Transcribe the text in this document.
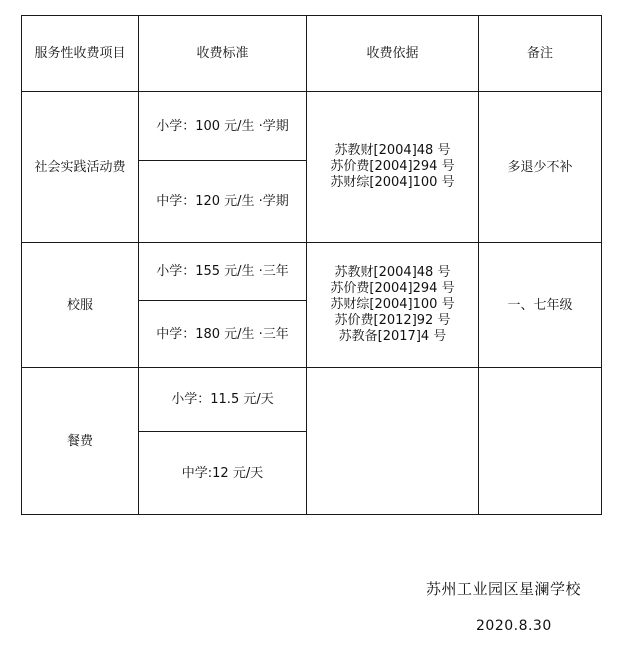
服务性收费项目	收费标准	收费依据	备注
社会实践活动费	小学：100 元/生 ·学期	苏教财[2004]48 号
苏价费[2004]294 号
苏财综[2004]100 号	多退少不补
	中学：120 元/生 ·学期		
校服	小学：155 元/生 ·三年	苏教财[2004]48 号
苏价费[2004]294 号
苏财综[2004]100 号
苏价费[2012]92 号
苏教备[2017]4 号	一、七年级
	中学：180 元/生 ·三年		
餐费	小学：11.5 元/天		
	中学:12 元/天		
苏州工业园区星澜学校
2020.8.30
